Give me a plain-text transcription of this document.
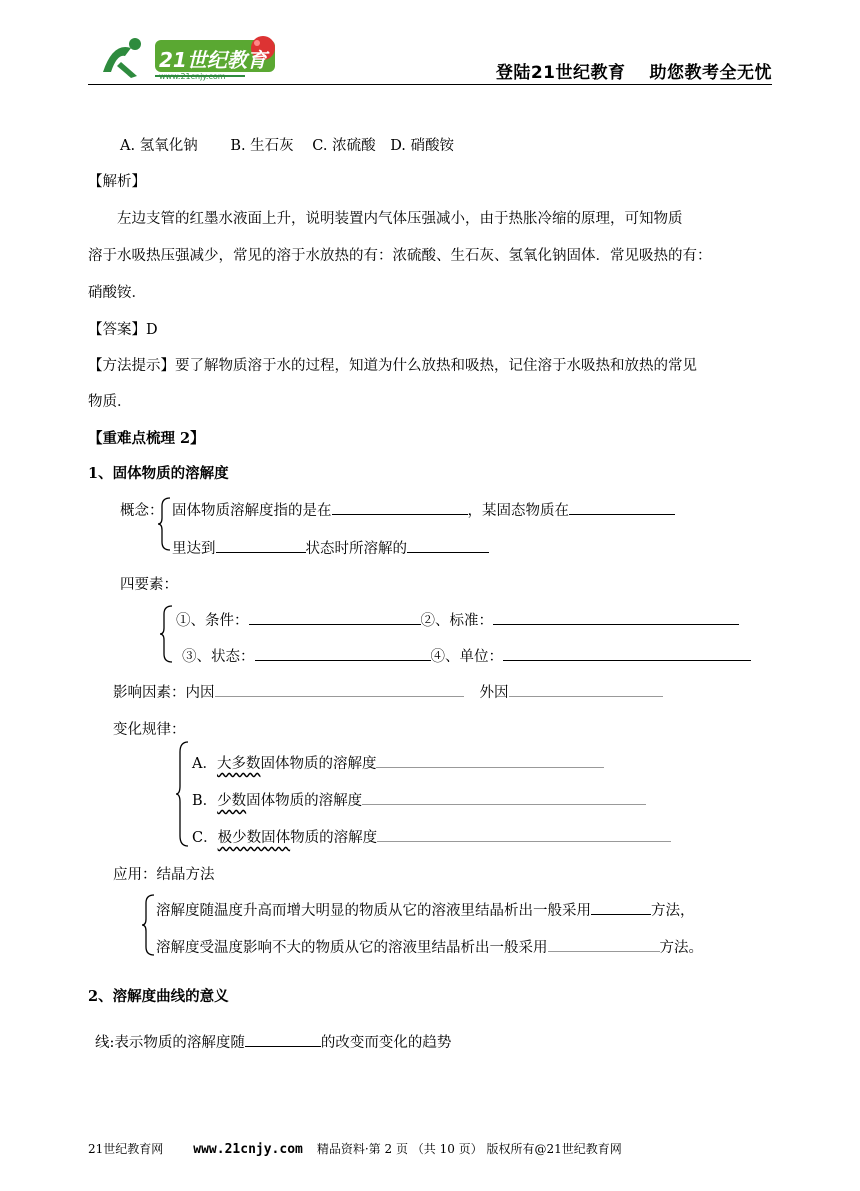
21世纪教育
www.21cnjy.com	登陆21世纪教育 助您教考全无忧
A. 氢氧化钠 B. 生石灰 C. 浓硫酸 D. 硝酸铵
【解析】
左边支管的红墨水液面上升，说明装置内气体压强减小，由于热胀冷缩的原理，可知物质
溶于水吸热压强减少，常见的溶于水放热的有：浓硫酸、生石灰、氢氧化钠固体．常见吸热的有：
硝酸铵．
【答案】D
【方法提示】要了解物质溶于水的过程，知道为什么放热和吸热，记住溶于水吸热和放热的常见
物质．
【重难点梳理 2】
1、固体物质的溶解度
概念： 固体物质溶解度指的是在	，某固态物质在
里达到	状态时所溶解的
四要素：
①、条件：	②、标准：
③、状态：	④、单位：
影响因素：内因	外因
变化规律：
A．大多数固体物质的溶解度
B．少数固体物质的溶解度
C．极少数固体物质的溶解度
应用：结晶方法
溶解度随温度升高而增大明显的物质从它的溶液里结晶析出一般采用	方法，
溶解度受温度影响不大的物质从它的溶液里结晶析出一般采用	方法。
2、溶解度曲线的意义
线:表示物质的溶解度随	的改变而变化的趋势
21世纪教育网 www.21cnjy.com 精品资料·第 2 页 （共 10 页） 版权所有@21世纪教育网
